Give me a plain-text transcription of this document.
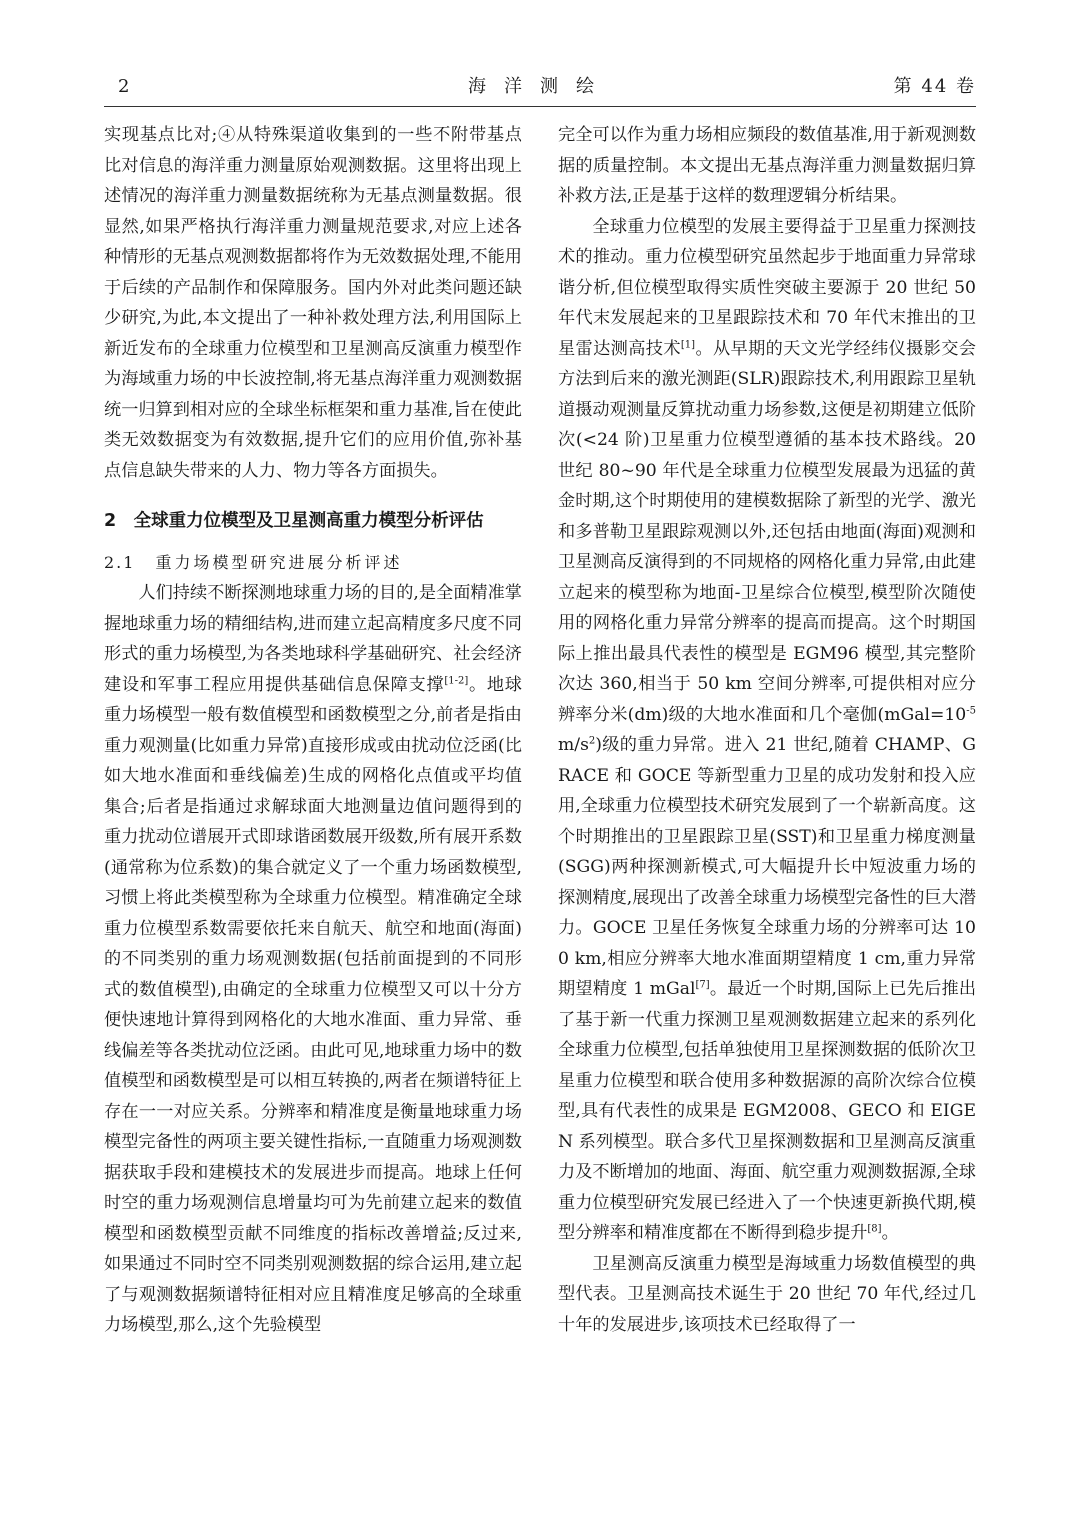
2	海洋测绘	第 44 卷

实现基点比对;④从特殊渠道收集到的一些不附带基点比对信息的海洋重力测量原始观测数据。这里将出现上述情况的海洋重力测量数据统称为无基点测量数据。很显然,如果严格执行海洋重力测量规范要求,对应上述各种情形的无基点观测数据都将作为无效数据处理,不能用于后续的产品制作和保障服务。国内外对此类问题还缺少研究,为此,本文提出了一种补救处理方法,利用国际上新近发布的全球重力位模型和卫星测高反演重力模型作为海域重力场的中长波控制,将无基点海洋重力观测数据统一归算到相对应的全球坐标框架和重力基准,旨在使此类无效数据变为有效数据,提升它们的应用价值,弥补基点信息缺失带来的人力、物力等各方面损失。

2　全球重力位模型及卫星测高重力模型分析评估
2.1 重力场模型研究进展分析评述

人们持续不断探测地球重力场的目的,是全面精准掌握地球重力场的精细结构,进而建立起高精度多尺度不同形式的重力场模型,为各类地球科学基础研究、社会经济建设和军事工程应用提供基础信息保障支撑[1-2]。地球重力场模型一般有数值模型和函数模型之分,前者是指由重力观测量(比如重力异常)直接形成或由扰动位泛函(比如大地水准面和垂线偏差)生成的网格化点值或平均值集合;后者是指通过求解球面大地测量边值问题得到的重力扰动位谱展开式即球谐函数展开级数,所有展开系数(通常称为位系数)的集合就定义了一个重力场函数模型,习惯上将此类模型称为全球重力位模型。精准确定全球重力位模型系数需要依托来自航天、航空和地面(海面)的不同类别的重力场观测数据(包括前面提到的不同形式的数值模型),由确定的全球重力位模型又可以十分方便快速地计算得到网格化的大地水准面、重力异常、垂线偏差等各类扰动位泛函。由此可见,地球重力场中的数值模型和函数模型是可以相互转换的,两者在频谱特征上存在一一对应关系。分辨率和精准度是衡量地球重力场模型完备性的两项主要关键性指标,一直随重力场观测数据获取手段和建模技术的发展进步而提高。地球上任何时空的重力场观测信息增量均可为先前建立起来的数值模型和函数模型贡献不同维度的指标改善增益;反过来,如果通过不同时空不同类别观测数据的综合运用,建立起了与观测数据频谱特征相对应且精准度足够高的全球重力场模型,那么,这个先验模型

完全可以作为重力场相应频段的数值基准,用于新观测数据的质量控制。本文提出无基点海洋重力测量数据归算补救方法,正是基于这样的数理逻辑分析结果。

全球重力位模型的发展主要得益于卫星重力探测技术的推动。重力位模型研究虽然起步于地面重力异常球谐分析,但位模型取得实质性突破主要源于 20 世纪 50 年代末发展起来的卫星跟踪技术和 70 年代末推出的卫星雷达测高技术[1]。从早期的天文光学经纬仪摄影交会方法到后来的激光测距(SLR)跟踪技术,利用跟踪卫星轨道摄动观测量反算扰动重力场参数,这便是初期建立低阶次(<24 阶)卫星重力位模型遵循的基本技术路线。20 世纪 80~90 年代是全球重力位模型发展最为迅猛的黄金时期,这个时期使用的建模数据除了新型的光学、激光和多普勒卫星跟踪观测以外,还包括由地面(海面)观测和卫星测高反演得到的不同规格的网格化重力异常,由此建立起来的模型称为地面-卫星综合位模型,模型阶次随使用的网格化重力异常分辨率的提高而提高。这个时期国际上推出最具代表性的模型是 EGM96 模型,其完整阶次达 360,相当于 50 km 空间分辨率,可提供相对应分辨率分米(dm)级的大地水准面和几个毫伽$(mGal=10^{-5}m/s^2)$级的重力异常。进入 21 世纪,随着 CHAMP、GRACE 和 GOCE 等新型重力卫星的成功发射和投入应用,全球重力位模型技术研究发展到了一个崭新高度。这个时期推出的卫星跟踪卫星(SST)和卫星重力梯度测量(SGG)两种探测新模式,可大幅提升长中短波重力场的探测精度,展现出了改善全球重力场模型完备性的巨大潜力。GOCE 卫星任务恢复全球重力场的分辨率可达 100 km,相应分辨率大地水准面期望精度 1 cm,重力异常期望精度 1 mGal[7]。最近一个时期,国际上已先后推出了基于新一代重力探测卫星观测数据建立起来的系列化全球重力位模型,包括单独使用卫星探测数据的低阶次卫星重力位模型和联合使用多种数据源的高阶次综合位模型,具有代表性的成果是 EGM2008、GECO 和 EIGEN 系列模型。联合多代卫星探测数据和卫星测高反演重力及不断增加的地面、海面、航空重力观测数据源,全球重力位模型研究发展已经进入了一个快速更新换代期,模型分辨率和精准度都在不断得到稳步提升[8]。

卫星测高反演重力模型是海域重力场数值模型的典型代表。卫星测高技术诞生于 20 世纪 70 年代,经过几十年的发展进步,该项技术已经取得了一
